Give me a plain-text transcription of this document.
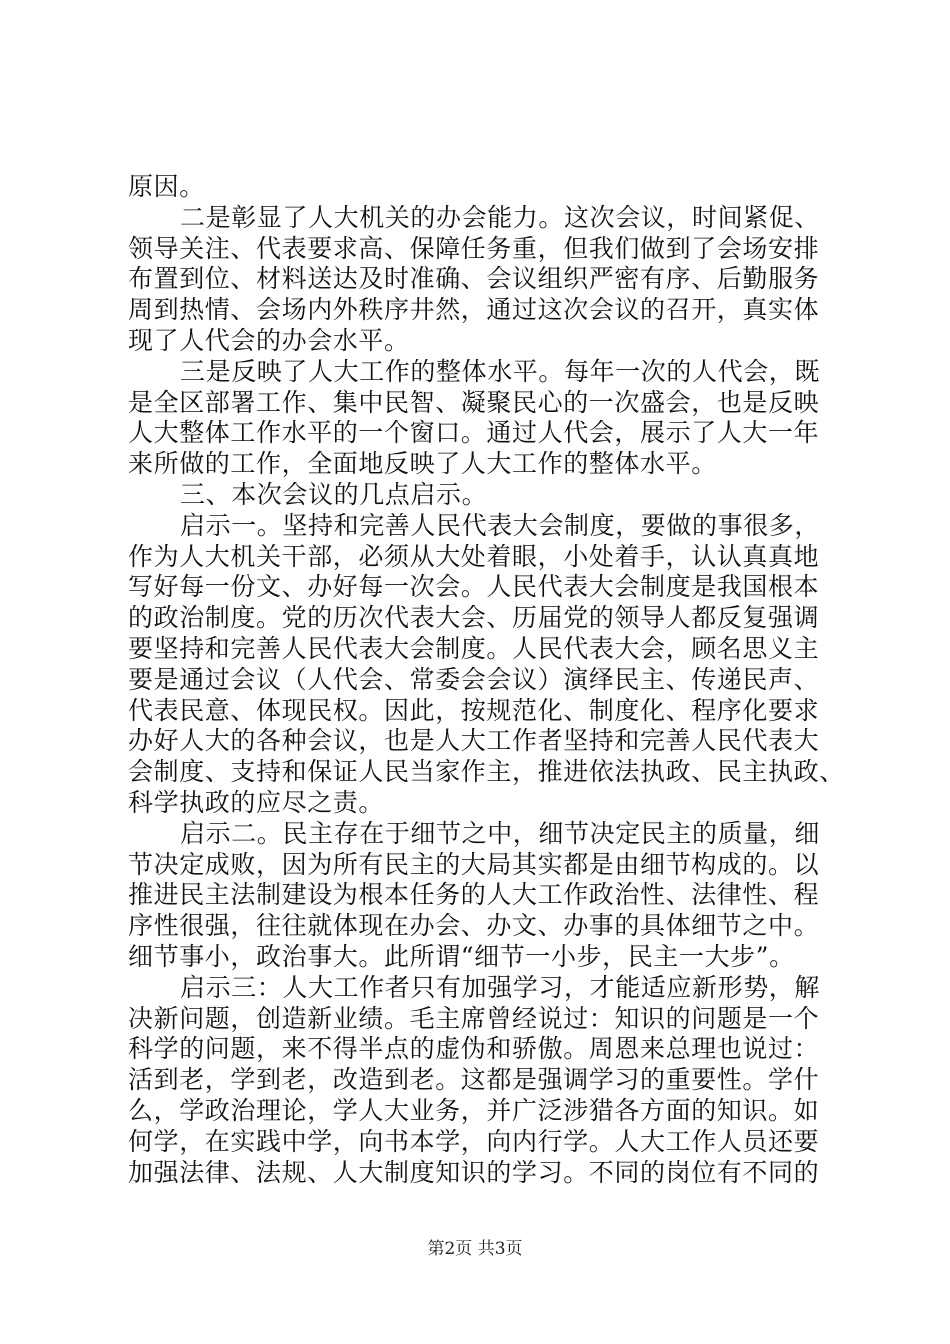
原因。
二是彰显了人大机关的办会能力。这次会议，时间紧促、
领导关注、代表要求高、保障任务重，但我们做到了会场安排
布置到位、材料送达及时准确、会议组织严密有序、后勤服务
周到热情、会场内外秩序井然，通过这次会议的召开，真实体
现了人代会的办会水平。
三是反映了人大工作的整体水平。每年一次的人代会，既
是全区部署工作、集中民智、凝聚民心的一次盛会，也是反映
人大整体工作水平的一个窗口。通过人代会，展示了人大一年
来所做的工作，全面地反映了人大工作的整体水平。
三、本次会议的几点启示。
启示一。坚持和完善人民代表大会制度，要做的事很多，
作为人大机关干部，必须从大处着眼，小处着手，认认真真地
写好每一份文、办好每一次会。人民代表大会制度是我国根本
的政治制度。党的历次代表大会、历届党的领导人都反复强调
要坚持和完善人民代表大会制度。人民代表大会，顾名思义主
要是通过会议（人代会、常委会会议）演绎民主、传递民声、
代表民意、体现民权。因此，按规范化、制度化、程序化要求
办好人大的各种会议，也是人大工作者坚持和完善人民代表大
会制度、支持和保证人民当家作主，推进依法执政、民主执政、
科学执政的应尽之责。
启示二。民主存在于细节之中，细节决定民主的质量，细
节决定成败，因为所有民主的大局其实都是由细节构成的。以
推进民主法制建设为根本任务的人大工作政治性、法律性、程
序性很强，往往就体现在办会、办文、办事的具体细节之中。
细节事小，政治事大。此所谓“细节一小步，民主一大步”。
启示三：人大工作者只有加强学习，才能适应新形势，解
决新问题，创造新业绩。毛主席曾经说过：知识的问题是一个
科学的问题，来不得半点的虚伪和骄傲。周恩来总理也说过：
活到老，学到老，改造到老。这都是强调学习的重要性。学什
么，学政治理论，学人大业务，并广泛涉猎各方面的知识。如
何学，在实践中学，向书本学，向内行学。人大工作人员还要
加强法律、法规、人大制度知识的学习。不同的岗位有不同的
第2页 共3页
